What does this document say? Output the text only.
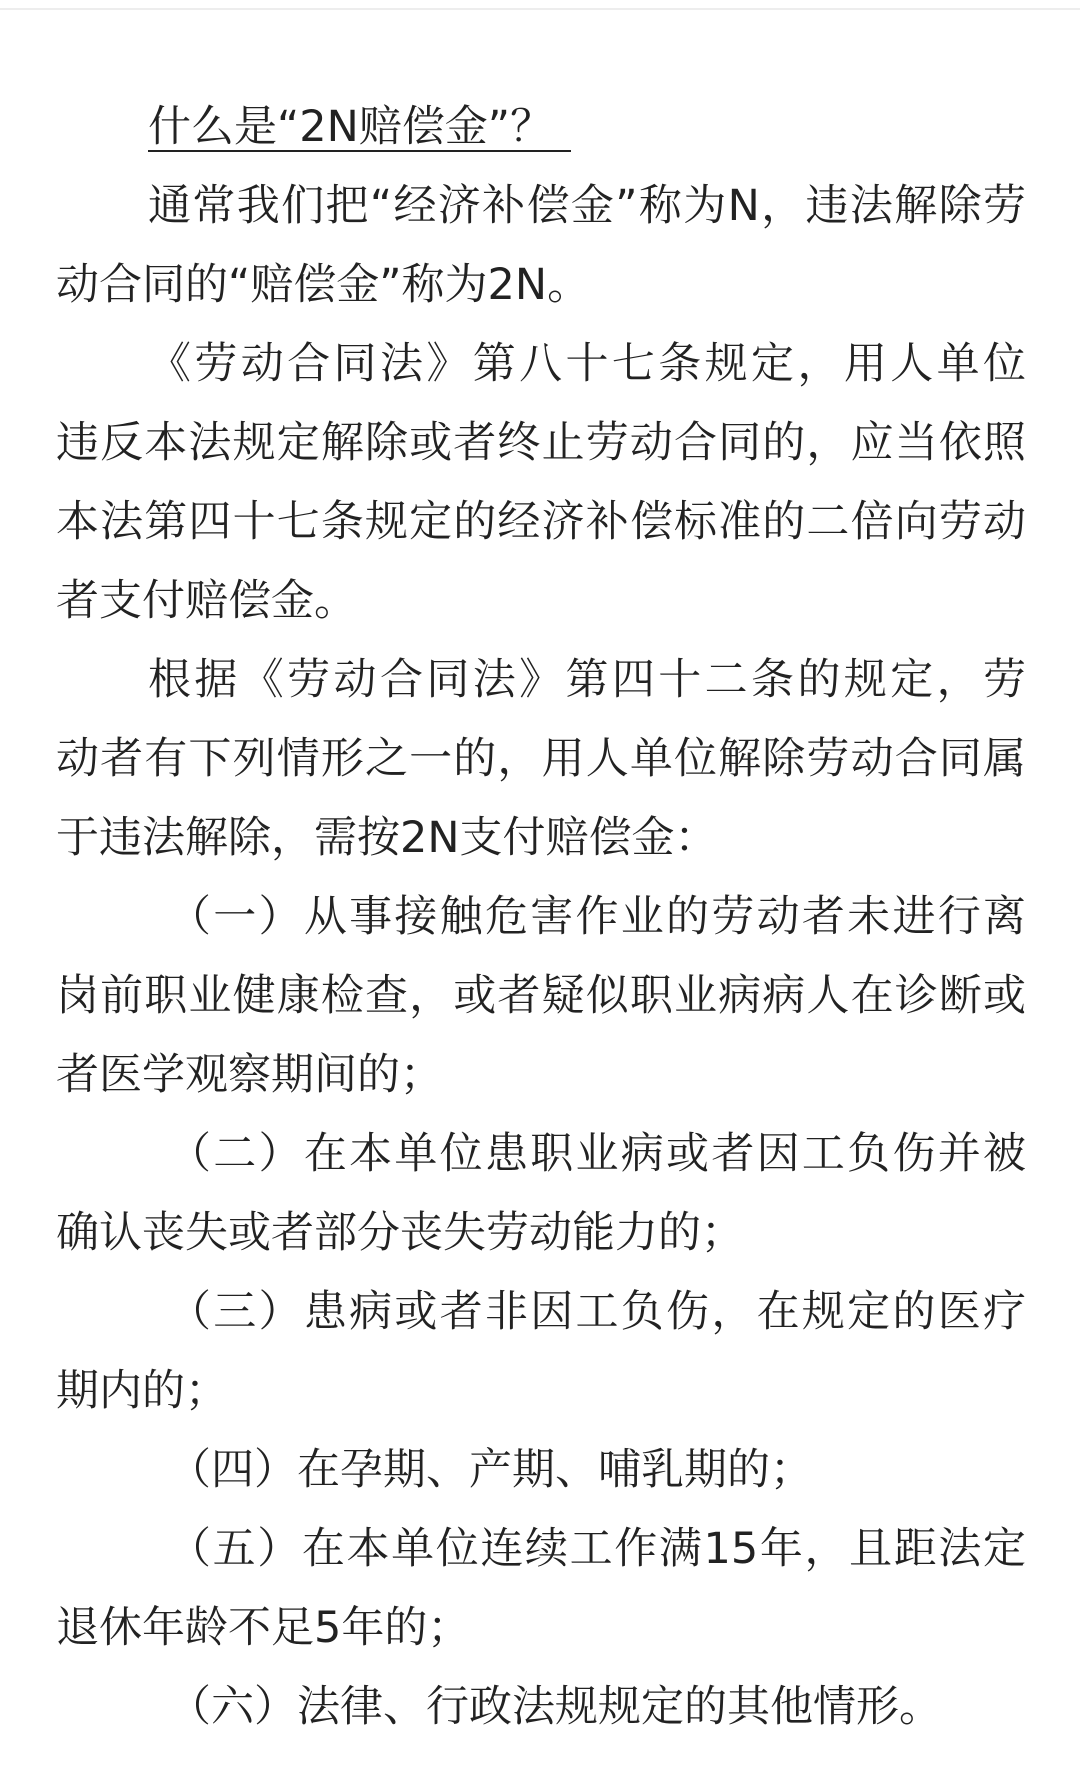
什么是“2N赔偿金”？
通常我们把“经济补偿金”称为N，违法解除劳
动合同的“赔偿金”称为2N。
《劳动合同法》第八十七条规定，用人单位
违反本法规定解除或者终止劳动合同的，应当依照
本法第四十七条规定的经济补偿标准的二倍向劳动
者支付赔偿金。
根据《劳动合同法》第四十二条的规定，劳
动者有下列情形之一的，用人单位解除劳动合同属
于违法解除，需按2N支付赔偿金：
（一）从事接触危害作业的劳动者未进行离
岗前职业健康检查，或者疑似职业病病人在诊断或
者医学观察期间的；
（二）在本单位患职业病或者因工负伤并被
确认丧失或者部分丧失劳动能力的；
（三）患病或者非因工负伤，在规定的医疗
期内的；
（四）在孕期、产期、哺乳期的；
（五）在本单位连续工作满15年，且距法定
退休年龄不足5年的；
（六）法律、行政法规规定的其他情形。
